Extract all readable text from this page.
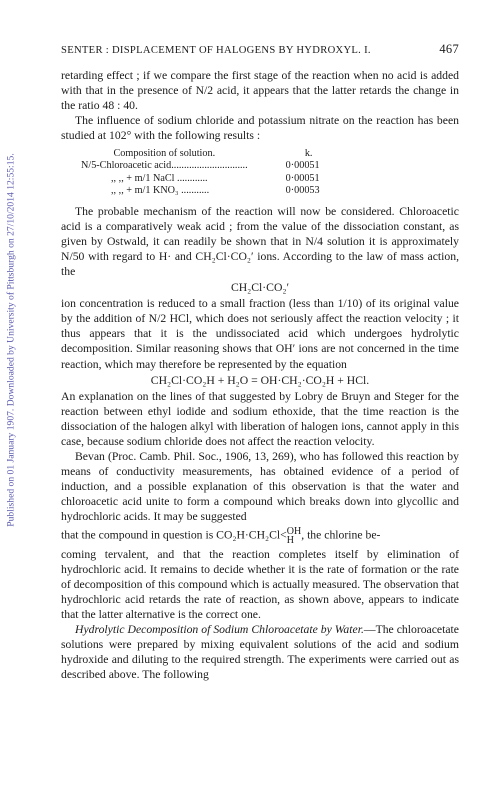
Published on 01 January 1907. Downloaded by University of Pittsburgh on 27/10/2014 12:55:15.
SENTER : DISPLACEMENT OF HALOGENS BY HYDROXYL. I.	467

retarding effect ; if we compare the first stage of the reaction when no acid is added with that in the presence of N/2 acid, it appears that the latter retards the change in the ratio 48 : 40.

The influence of sodium chloride and potassium nitrate on the reaction has been studied at 102° with the following results :

Composition of solution.	k.
N/5-Chloroacetic acid..............................	0·00051
,, ,, + m/1 NaCl ............	0·00051
,, ,, + m/1 KNO₃ ...........	0·00053

The probable mechanism of the reaction will now be considered. Chloroacetic acid is a comparatively weak acid ; from the value of the dissociation constant, as given by Ostwald, it can readily be shown that in N/4 solution it is approximately N/50 with regard to H· and CH₂Cl·CO₂′ ions. According to the law of mass action, the

CH₂Cl·CO₂′

ion concentration is reduced to a small fraction (less than 1/10) of its original value by the addition of N/2 HCl, which does not seriously affect the reaction velocity ; it thus appears that it is the undissociated acid which undergoes hydrolytic decomposition. Similar reasoning shows that OH′ ions are not concerned in the time reaction, which may therefore be represented by the equation

CH₂Cl·CO₂H + H₂O = OH·CH₂·CO₂H + HCl.

An explanation on the lines of that suggested by Lobry de Bruyn and Steger for the reaction between ethyl iodide and sodium ethoxide, that the time reaction is the dissociation of the halogen alkyl with liberation of halogen ions, cannot apply in this case, because sodium chloride does not affect the reaction velocity.

Bevan (Proc. Camb. Phil. Soc., 1906, 13, 269), who has followed this reaction by means of conductivity measurements, has obtained evidence of a period of induction, and a possible explanation of this observation is that the water and chloroacetic acid unite to form a compound which breaks down into glycollic and hydrochloric acids. It may be suggested

that the compound in question is CO₂H·CH₂Cl<OH
H , the chlorine be-

coming tervalent, and that the reaction completes itself by elimination of hydrochloric acid. It remains to decide whether it is the rate of formation or the rate of decomposition of this compound which is actually measured. The observation that hydrochloric acid retards the rate of reaction, as shown above, appears to indicate that the latter alternative is the correct one.

Hydrolytic Decomposition of Sodium Chloroacetate by Water.—The chloroacetate solutions were prepared by mixing equivalent solutions of the acid and sodium hydroxide and diluting to the required strength. The experiments were carried out as described above. The following
